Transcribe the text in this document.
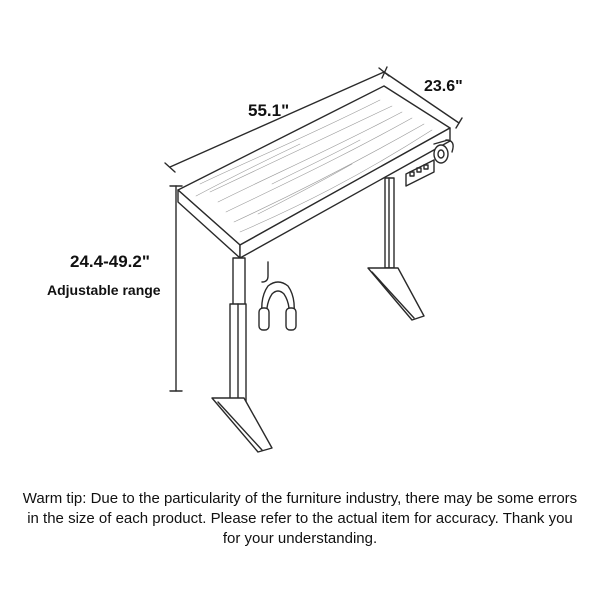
55.1"
23.6"
24.4-49.2"
Adjustable range
Warm tip: Due to the particularity of the furniture industry, there may be some errors in the size of each product. Please refer to the actual item for accuracy. Thank you for your understanding.
